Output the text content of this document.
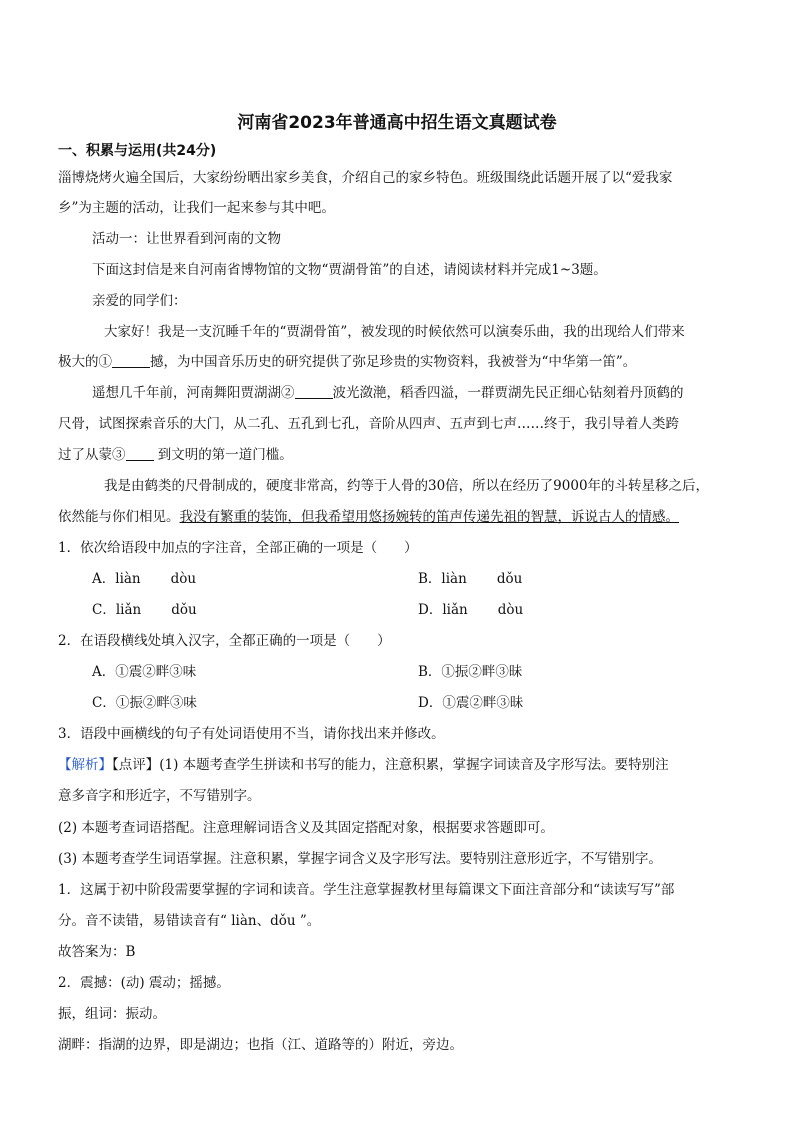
河南省2023年普通高中招生语文真题试卷
一、积累与运用(共24分)
淄博烧烤火遍全国后，大家纷纷晒出家乡美食，介绍自己的家乡特色。班级围绕此话题开展了以“爱我家
乡”为主题的活动，让我们一起来参与其中吧。
活动一：让世界看到河南的文物
下面这封信是来自河南省博物馆的文物“贾湖骨笛”的自述，请阅读材料并完成1~3题。
亲爱的同学们：
大家好！我是一支沉睡千年的“贾湖骨笛”，被发现的时候依然可以演奏乐曲，我的出现给人们带来
极大的①	撼，为中国音乐历史的研究提供了弥足珍贵的实物资料，我被誉为“中华第一笛”。
遥想几千年前，河南舞阳贾湖湖②	波光潋滟，稻香四溢，一群贾湖先民正细心钻刻着丹顶鹤的
尺骨，试图探索音乐的大门，从二孔、五孔到七孔，音阶从四声、五声到七声……终于，我引导着人类跨
过了从蒙③ 到文明的第一道门槛。
我是由鹤类的尺骨制成的，硬度非常高，约等于人骨的30倍，所以在经历了9000年的斗转星移之后，
依然能与你们相见。我没有繁重的装饰，但我希望用悠扬婉转的笛声传递先祖的智慧，诉说古人的情感。
1．依次给语段中加点的字注音，全部正确的一项是（　　）
A．liàn dòu	B．liàn dǒu
C．liǎn dǒu	D．liǎn dòu
2．在语段横线处填入汉字，全都正确的一项是（　　）
A．①震②畔③味	B．①振②畔③昧
C．①振②畔③味	D．①震②畔③昧
3．语段中画横线的句子有处词语使用不当，请你找出来并修改。
【解析】【点评】(1) 本题考查学生拼读和书写的能力，注意积累，掌握字词读音及字形写法。要特别注
意多音字和形近字，不写错别字。
(2) 本题考查词语搭配。注意理解词语含义及其固定搭配对象，根据要求答题即可。
(3) 本题考查学生词语掌握。注意积累，掌握字词含义及字形写法。要特别注意形近字，不写错别字。
1．这属于初中阶段需要掌握的字词和读音。学生注意掌握教材里每篇课文下面注音部分和“读读写写”部
分。音不读错，易错读音有“ liàn、dǒu ”。
故答案为：B
2．震撼：(动) 震动；摇撼。
振，组词：振动。
湖畔：指湖的边界，即是湖边；也指（江、道路等的）附近，旁边。
